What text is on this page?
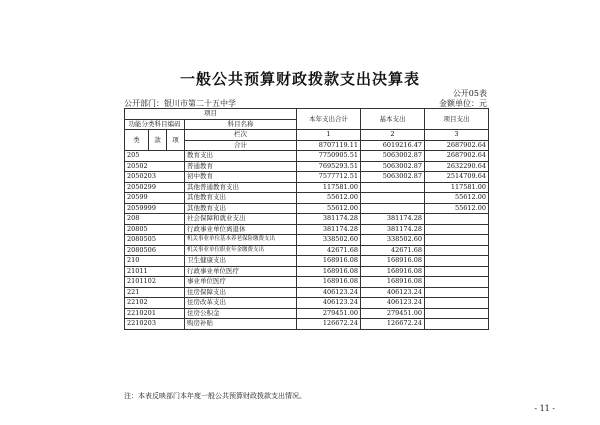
一般公共预算财政拨款支出决算表
公开05表
公开部门：银川市第二十五中学	金额单位：元
项目				本年支出合计	基本支出	项目支出
功能分类科目编码			科目名称			

类	款	项	栏次	1	2	3
			合计	8707119.11	6019216.47	2687902.64
205			教育支出	7750905.51	5063002.87	2687902.64
20502			普通教育	7695293.51	5063002.87	2632290.64
2050203			初中教育	7577712.51	5063002.87	2514709.64
2050299			其他普通教育支出	117581.00		117581.00
20599			其他教育支出	55612.00		55612.00
2059999			其他教育支出	55612.00		55612.00
208			社会保障和就业支出	381174.28	381174.28	
20805			行政事业单位离退休	381174.28	381174.28	
2080505			机关事业单位基本养老保险缴费支出	338502.60	338502.60	
2080506			机关事业单位职业年金缴费支出	42671.68	42671.68	
210			卫生健康支出	168916.08	168916.08	
21011			行政事业单位医疗	168916.08	168916.08	
2101102			事业单位医疗	168916.08	168916.08	
221			住房保障支出	406123.24	406123.24	
22102			住房改革支出	406123.24	406123.24	
2210201			住房公积金	279451.00	279451.00	
2210203			购房补贴	126672.24	126672.24	
注：本表反映部门本年度一般公共预算财政拨款支出情况。
- 11 -
